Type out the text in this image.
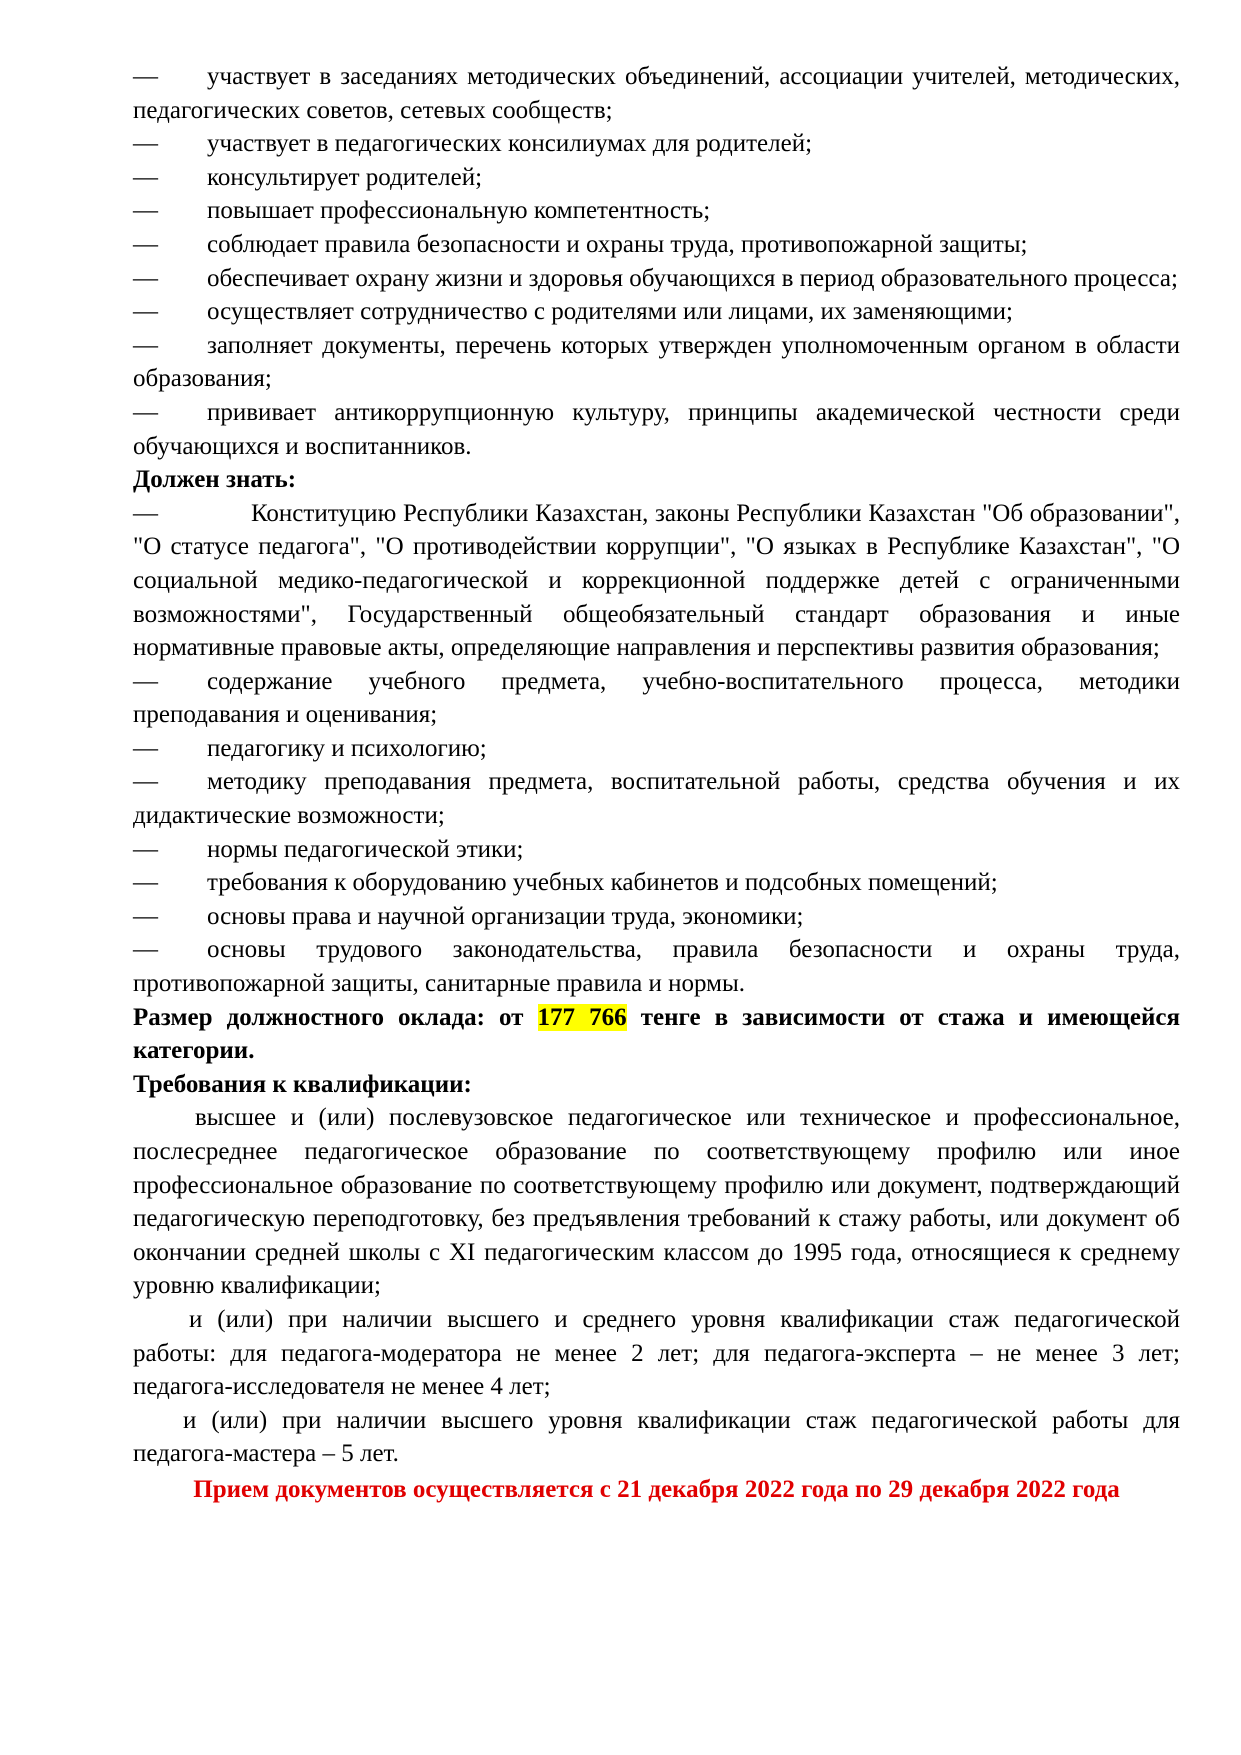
— участвует в заседаниях методических объединений, ассоциации учителей, методических, педагогических советов, сетевых сообществ;
— участвует в педагогических консилиумах для родителей;
— консультирует родителей;
— повышает профессиональную компетентность;
— соблюдает правила безопасности и охраны труда, противопожарной защиты;
— обеспечивает охрану жизни и здоровья обучающихся в период образовательного процесса;
— осуществляет сотрудничество с родителями или лицами, их заменяющими;
— заполняет документы, перечень которых утвержден уполномоченным органом в области образования;
— прививает антикоррупционную культуру, принципы академической честности среди обучающихся и воспитанников.
Должен знать:
—	Конституцию Республики Казахстан, законы Республики Казахстан "Об образовании", "О статусе педагога", "О противодействии коррупции", "О языках в Республике Казахстан", "О социальной медико-педагогической и коррекционной поддержке детей с ограниченными возможностями", Государственный общеобязательный стандарт образования и иные нормативные правовые акты, определяющие направления и перспективы развития образования;
— содержание учебного предмета, учебно-воспитательного процесса, методики преподавания и оценивания;
— педагогику и психологию;
— методику преподавания предмета, воспитательной работы, средства обучения и их дидактические возможности;
— нормы педагогической этики;
— требования к оборудованию учебных кабинетов и подсобных помещений;
— основы права и научной организации труда, экономики;
— основы трудового законодательства, правила безопасности и охраны труда, противопожарной защиты, санитарные правила и нормы.
Размер должностного оклада: от 177 766 тенге в зависимости от стажа и имеющейся категории.
Требования к квалификации:
высшее и (или) послевузовское педагогическое или техническое и профессиональное, послесреднее педагогическое образование по соответствующему профилю или иное профессиональное образование по соответствующему профилю или документ, подтверждающий педагогическую переподготовку, без предъявления требований к стажу работы, или документ об окончании средней школы с XI педагогическим классом до 1995 года, относящиеся к среднему уровню квалификации;
и (или) при наличии высшего и среднего уровня квалификации стаж педагогической работы: для педагога-модератора не менее 2 лет; для педагога-эксперта – не менее 3 лет; педагога-исследователя не менее 4 лет;
и (или) при наличии высшего уровня квалификации стаж педагогической работы для педагога-мастера – 5 лет.
Прием документов осуществляется с 21 декабря 2022 года по 29 декабря 2022 года
